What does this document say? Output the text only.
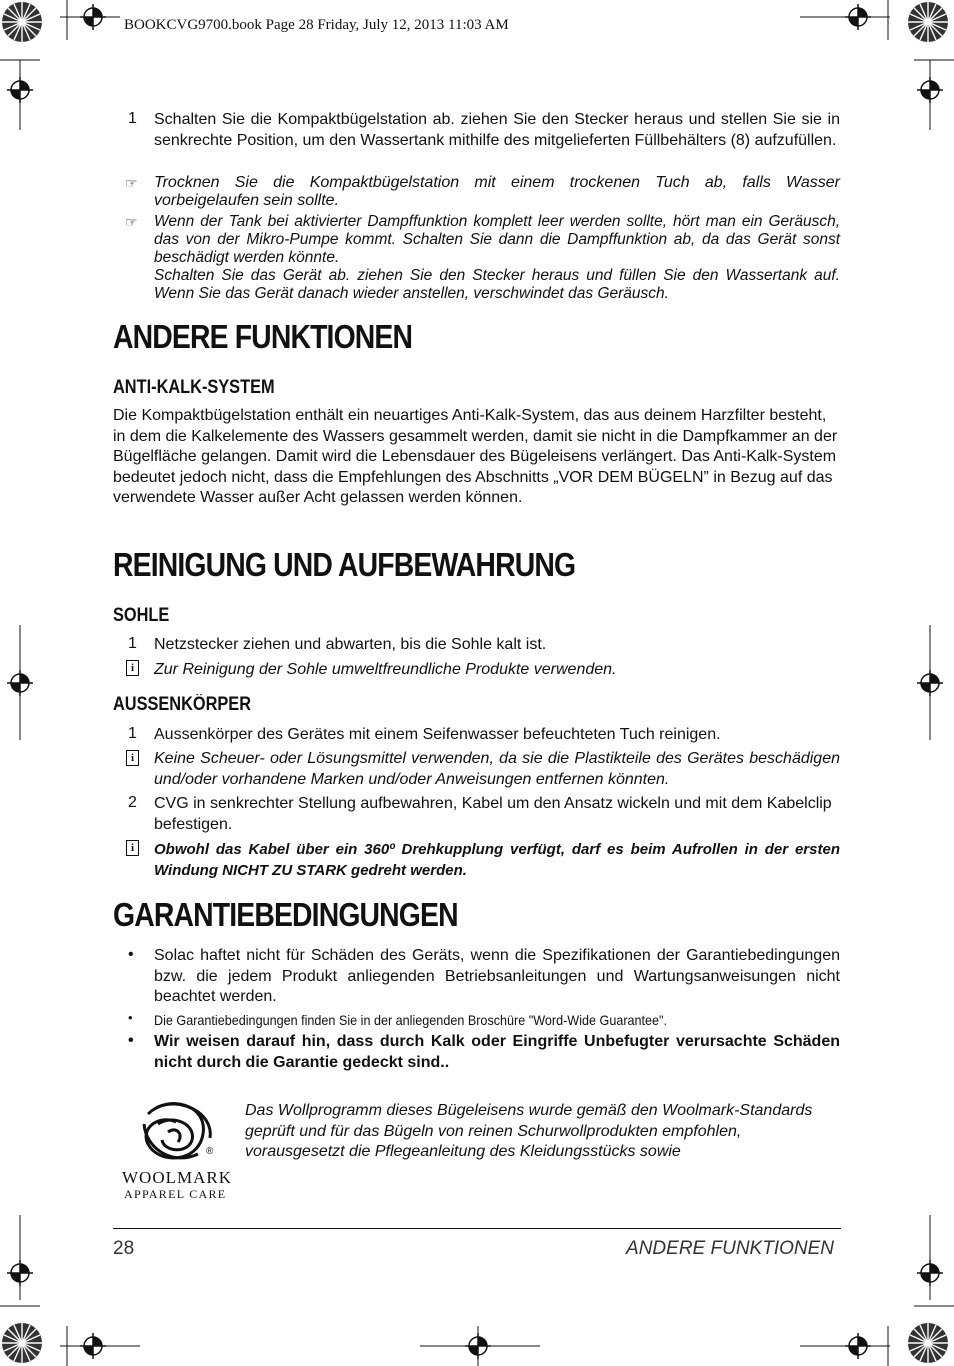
BOOKCVG9700.book Page 28 Friday, July 12, 2013 11:03 AM
1 Schalten Sie die Kompaktbügelstation ab. ziehen Sie den Stecker heraus und stellen Sie sie in senkrechte Position, um den Wassertank mithilfe des mitgelieferten Füllbehälters (8) aufzufüllen.
☞ Trocknen Sie die Kompaktbügelstation mit einem trockenen Tuch ab, falls Wasser vorbeigelaufen sein sollte.
☞ Wenn der Tank bei aktivierter Dampffunktion komplett leer werden sollte, hört man ein Geräusch, das von der Mikro-Pumpe kommt. Schalten Sie dann die Dampffunktion ab, da das Gerät sonst beschädigt werden könnte.
Schalten Sie das Gerät ab. ziehen Sie den Stecker heraus und füllen Sie den Wassertank auf. Wenn Sie das Gerät danach wieder anstellen, verschwindet das Geräusch.
ANDERE FUNKTIONEN
ANTI-KALK-SYSTEM
Die Kompaktbügelstation enthält ein neuartiges Anti-Kalk-System, das aus deinem Harzfilter besteht, in dem die Kalkelemente des Wassers gesammelt werden, damit sie nicht in die Dampfkammer an der Bügelfläche gelangen. Damit wird die Lebensdauer des Bügeleisens verlängert. Das Anti-Kalk-System bedeutet jedoch nicht, dass die Empfehlungen des Abschnitts „VOR DEM BÜGELN” in Bezug auf das verwendete Wasser außer Acht gelassen werden können.
REINIGUNG UND AUFBEWAHRUNG
SOHLE
1 Netzstecker ziehen und abwarten, bis die Sohle kalt ist.
i	Zur Reinigung der Sohle umweltfreundliche Produkte verwenden.
AUSSENKÖRPER
1 Aussenkörper des Gerätes mit einem Seifenwasser befeuchteten Tuch reinigen.
i	Keine Scheuer- oder Lösungsmittel verwenden, da sie die Plastikteile des Gerätes beschädigen und/oder vorhandene Marken und/oder Anweisungen entfernen könnten.
2 CVG in senkrechter Stellung aufbewahren, Kabel um den Ansatz wickeln und mit dem Kabelclip befestigen.
i	Obwohl das Kabel über ein 360º Drehkupplung verfügt, darf es beim Aufrollen in der ersten Windung NICHT ZU STARK gedreht werden.
GARANTIEBEDINGUNGEN
• Solac haftet nicht für Schäden des Geräts, wenn die Spezifikationen der Garantiebedingungen bzw. die jedem Produkt anliegenden Betriebsanleitungen und Wartungsanweisungen nicht beachtet werden.
• Die Garantiebedingungen finden Sie in der anliegenden Broschüre "Word-Wide Guarantee".
• Wir weisen darauf hin, dass durch Kalk oder Eingriffe Unbefugter verursachte Schäden nicht durch die Garantie gedeckt sind..
®
WOOLMARK
APPAREL CARE
Das Wollprogramm dieses Bügeleisens wurde gemäß den Woolmark-Standards geprüft und für das Bügeln von reinen Schurwollprodukten empfohlen, vorausgesetzt die Pflegeanleitung des Kleidungsstücks sowie
28	ANDERE FUNKTIONEN
